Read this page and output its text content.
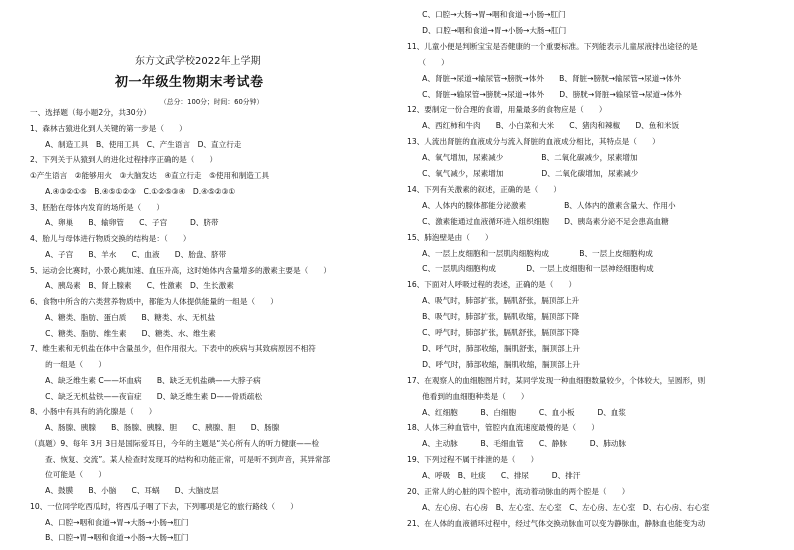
东方文武学校2022年上学期
初一年级生物期末考试卷
（总分：100分；时间：60分钟）
一、选择题（每小题2分，共30分）
1、森林古猿进化到人关键的第一步是（　　）
　　A、制造工具　B、使用工具　C、产生语言　D、直立行走
2、下列关于从猿到人的进化过程排序正确的是（　　）
①产生语言　②能够用火　③大脑发达　④直立行走　⑤使用和制造工具
　　A.④③②①⑤　B.④⑤①②③　C.①②⑤③④　D.④⑤②③①
3、胚胎在母体内发育的场所是（　　）
　　A、卵巢　　B、输卵管　　C、子宫　　　D、脐带
4、胎儿与母体进行物质交换的结构是：（　　）
　　A、子宫　　B、羊水　　C、血液　　D、胎盘、脐带
5、运动会比赛时，小景心跳加速、血压升高，这时她体内含量增多的激素主要是（　　）
　　A、胰岛素　B、肾上腺素　　C、性激素　D、生长激素
6、食物中所含的六类营养物质中，都能为人体提供能量的一组是（　　）
　　A、糖类、脂肪、蛋白质　　B、糖类、水、无机盐
　　C、糖类、脂肪、维生素　　D、糖类、水、维生素
7、维生素和无机盐在体中含量虽少，但作用很大。下表中的疾病与其致病原因不相符
　　的一组是（　　）
　　A、缺乏维生素 C——坏血病　　B、缺乏无机盐碘——大脖子病
　　C、缺乏无机盐铁——夜盲症　　D、缺乏维生素 D——骨质疏松
8、小肠中有具有的消化腺是（　　）
　　A、肠腺、胰腺　　B、肠腺、胰腺、胆　　C、胰腺、胆　　D、肠腺
（真题）9、每年 3月 3日是国际爱耳日，今年的主题是“关心所有人的听力健康——检
　　查、恢复、交流”。某人检查时发现耳的结构和功能正常，可是听不到声音，其异常部
　　位可能是（　　）
　　A、鼓膜　　B、小脑　　C、耳蜗　　D、大脑皮层
10、一位同学吃西瓜时，将西瓜子咽了下去，下列哪项是它的旅行路线（　　）
　　A、口腔→咽和食道→胃→大肠→小肠→肛门
　　B、口腔→胃→咽和食道→小肠→大肠→肛门
　　C、口腔→大肠→胃→咽和食道→小肠→肛门
　　D、口腔→咽和食道→胃→小肠→大肠→肛门
11、儿童小便是判断宝宝是否健康的一个重要标准。下列能表示儿童尿液排出途径的是
　　（　　）
　　A、肾脏→尿道→输尿管→膀胱→体外　　B、肾脏→膀胱→输尿管→尿道→体外
　　C、肾脏→输尿管→膀胱→尿道→体外　　D、膀胱→肾脏→输尿管→尿道→体外
12、要制定一份合理的食谱，用量最多的食物应是（　　）
　　A、西红柿和牛肉　　B、小白菜和大米　　C、猪肉和辣椒　　D、鱼和米饭
13、人流出肾脏的血液成分与流入肾脏的血液成分相比，其特点是（　　）
　　A、氧气增加，尿素减少　　　　　B、二氧化碳减少，尿素增加
　　C、氧气减少，尿素增加　　　　　D、二氧化碳增加，尿素减少
14、下列有关激素的叙述，正确的是（　　）
　　A、人体内的腺体都能分泌激素　　　　　B、人体内的激素含量大、作用小
　　C、激素能通过血液循环进入组织细胞　　D、胰岛素分泌不足会患高血糖
15、肺泡壁是由（　　）
　　A、一层上皮细胞和一层肌肉细胞构成　　　　B、一层上皮细胞构成
　　C、一层肌肉细胞构成　　　　D、一层上皮细胞和一层神经细胞构成
16、下面对人呼吸过程的表述，正确的是（　　）
　　A、吸气时，肺部扩张，膈肌舒张，膈顶部上升
　　B、吸气时，肺部扩张，膈肌收缩，膈顶部下降
　　C、呼气时，肺部扩张，膈肌舒张，膈顶部下降
　　D、呼气时，肺部收缩，膈肌舒张，膈顶部上升
　　D、呼气时，肺部收缩，膈肌收缩，膈顶部上升
17、在观察人的血细胞图片时，某同学发现一种血细胞数量较少，个体较大，呈圆形，则
　　他看到的血细胞种类是（　　）
　　A、红细胞　　　B、白细胞　　　C、血小板　　　D、血浆
18、人体三种血管中，管腔内血流速度最慢的是（　　）
　　A、主动脉　　　B、毛细血管　　C、静脉　　　D、肺动脉
19、下列过程不属于排泄的是（　　）
　　A、呼吸　B、吐痰　　C、排尿　　　D、排汗
20、正常人的心脏的四个腔中，流动着动脉血的两个腔是（　　）
　　A、左心房、右心房　B、左心室、左心室　C、左心房、左心室　D、右心房、右心室
21、在人体的血液循环过程中，经过气体交换动脉血可以变为静脉血，静脉血也能变为动
